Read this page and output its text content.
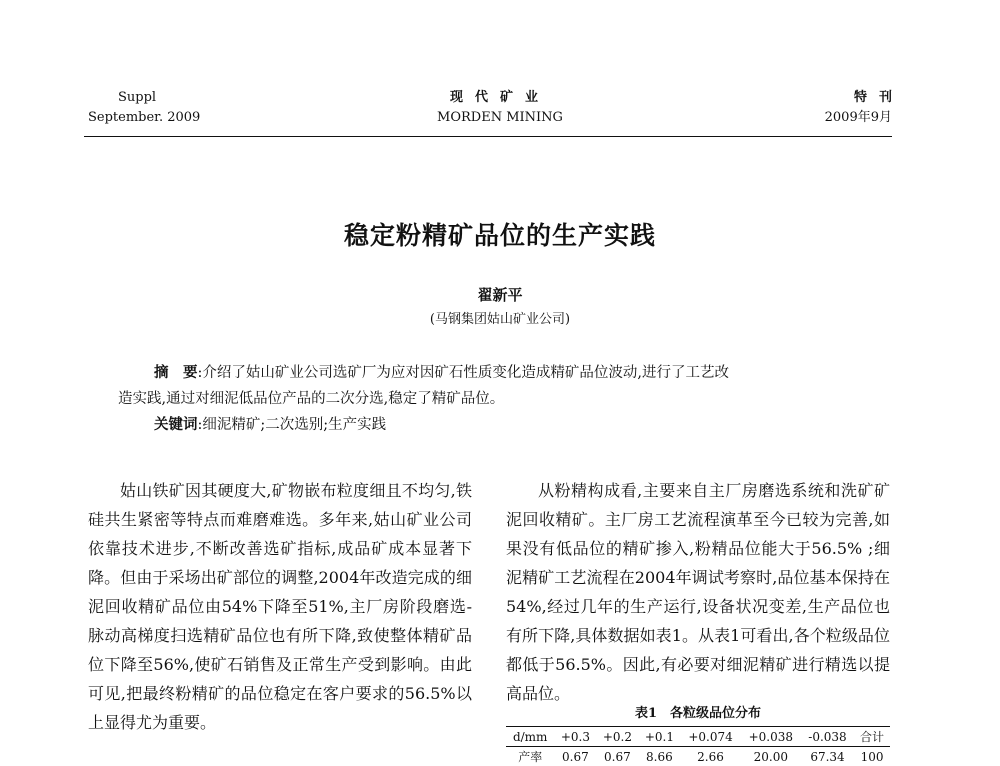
Suppl
September. 2009
现代矿业
MORDEN MINING
特刊
2009年9月
稳定粉精矿品位的生产实践
翟新平
(马钢集团姑山矿业公司)

摘　要:介绍了姑山矿业公司选矿厂为应对因矿石性质变化造成精矿品位波动,进行了工艺改

造实践,通过对细泥低品位产品的二次分选,稳定了精矿品位。

关键词:细泥精矿;二次选别;生产实践

姑山铁矿因其硬度大,矿物嵌布粒度细且不均匀,铁硅共生紧密等特点而难磨难选。多年来,姑山矿业公司依靠技术进步,不断改善选矿指标,成品矿成本显著下降。但由于采场出矿部位的调整,2004年改造完成的细泥回收精矿品位由54%下降至51%,主厂房阶段磨选-脉动高梯度扫选精矿品位也有所下降,致使整体精矿品位下降至56%,使矿石销售及正常生产受到影响。由此可见,把最终粉精矿的品位稳定在客户要求的56.5%以上显得尤为重要。

从粉精构成看,主要来自主厂房磨选系统和洗矿矿泥回收精矿。主厂房工艺流程演革至今已较为完善,如果没有低品位的精矿掺入,粉精品位能大于56.5% ;细泥精矿工艺流程在2004年调试考察时,品位基本保持在54%,经过几年的生产运行,设备状况变差,生产品位也有所下降,具体数据如表1。从表1可看出,各个粒级品位都低于56.5%。因此,有必要对细泥精矿进行精选以提高品位。

表1　各粒级品位分布
d/mm	+0.3	+0.2	+0.1	+0.074	+0.038	-0.038	合计
产率	0.67	0.67	8.66	2.66	20.00	67.34	100
